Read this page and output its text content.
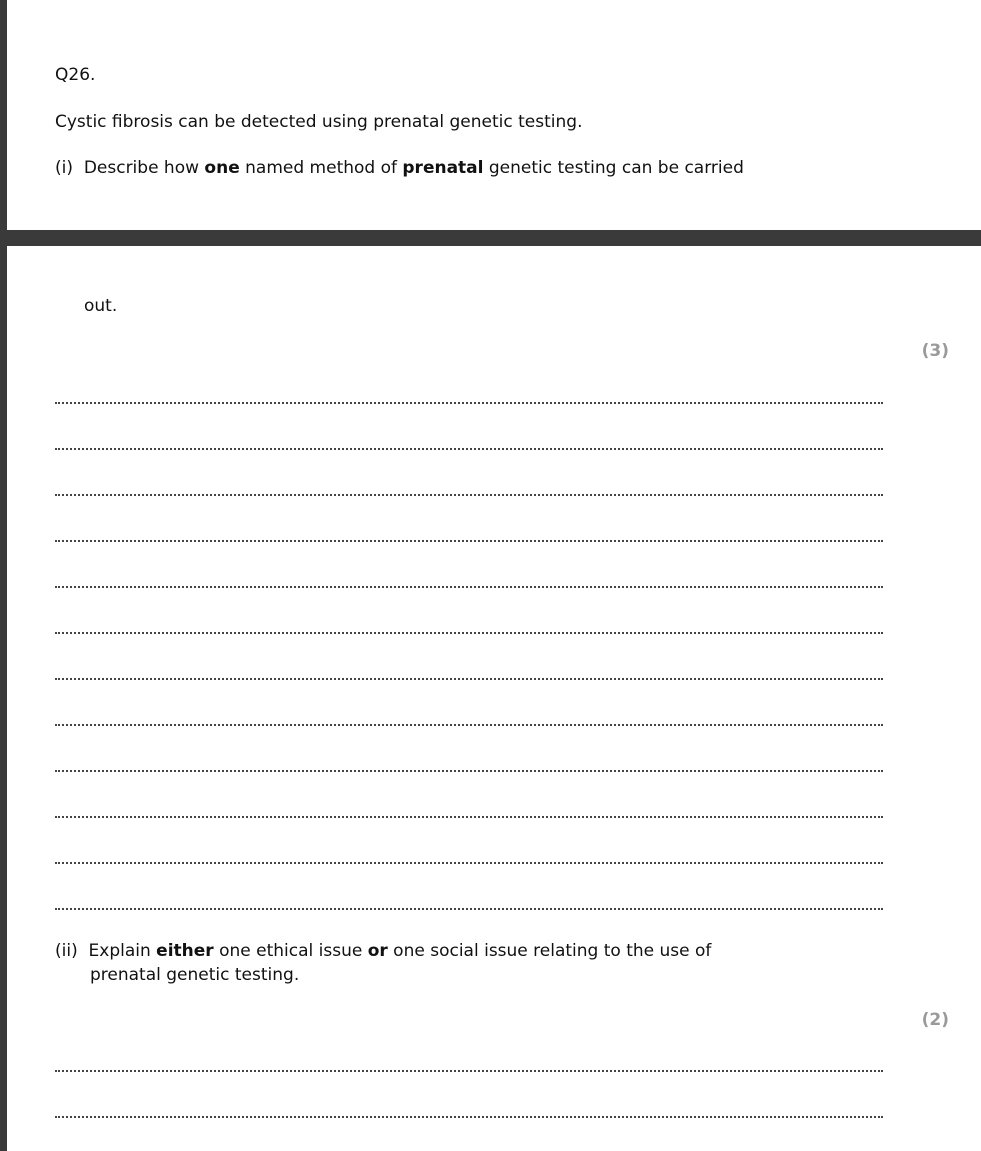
Q26.
Cystic fibrosis can be detected using prenatal genetic testing.
(i) Describe how one named method of prenatal genetic testing can be carried
out.
(3)
(ii) Explain either one ethical issue or one social issue relating to the use of
prenatal genetic testing.
(2)
